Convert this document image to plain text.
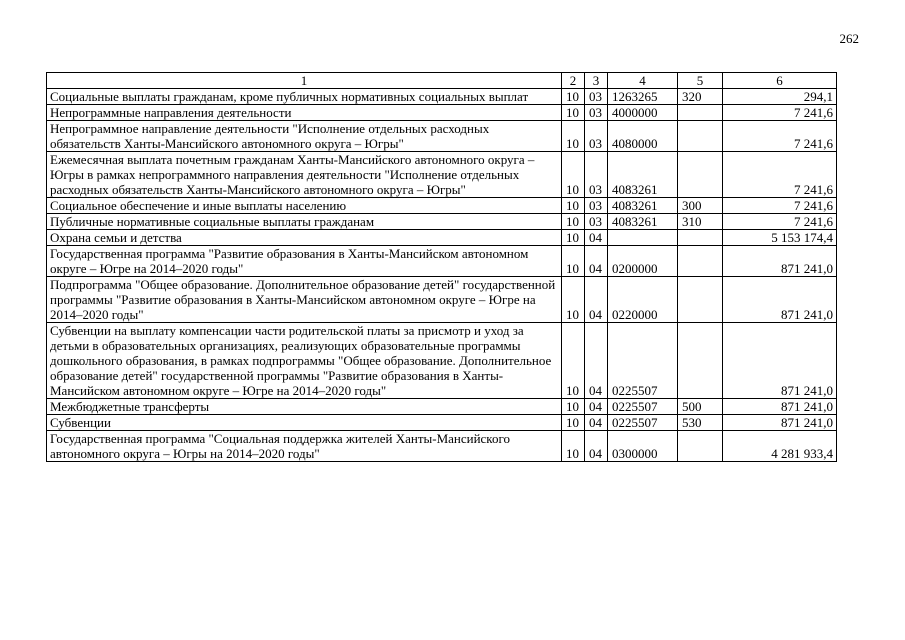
262
1	2	3	4	5	6
Социальные выплаты гражданам, кроме публичных нормативных социальных выплат	10	03	1263265	320	294,1
Непрограммные направления деятельности	10	03	4000000		7 241,6
Непрограммное направление деятельности "Исполнение отдельных расходных обязательств Ханты-Мансийского автономного округа – Югры"	10	03	4080000		7 241,6
Ежемесячная выплата почетным гражданам Ханты-Мансийского автономного округа – Югры в рамках непрограммного направления деятельности "Исполнение отдельных расходных обязательств Ханты-Мансийского автономного округа – Югры"	10	03	4083261		7 241,6
Социальное обеспечение и иные выплаты населению	10	03	4083261	300	7 241,6
Публичные нормативные социальные выплаты гражданам	10	03	4083261	310	7 241,6
Охрана семьи и детства	10	04			5 153 174,4
Государственная программа "Развитие образования в Ханты-Мансийском автономном округе – Югре на 2014–2020 годы"	10	04	0200000		871 241,0
Подпрограмма "Общее образование. Дополнительное образование детей" государственной программы "Развитие образования в Ханты-Мансийском автономном округе – Югре на 2014–2020 годы"	10	04	0220000		871 241,0
Субвенции на выплату компенсации части родительской платы за присмотр и уход за детьми в образовательных организациях, реализующих образовательные программы дошкольного образования, в рамках подпрограммы "Общее образование. Дополнительное образование детей" государственной программы "Развитие образования в Ханты-Мансийском автономном округе – Югре на 2014–2020 годы"	10	04	0225507		871 241,0
Межбюджетные трансферты	10	04	0225507	500	871 241,0
Субвенции	10	04	0225507	530	871 241,0
Государственная программа "Социальная поддержка жителей Ханты-Мансийского автономного округа – Югры на 2014–2020 годы"	10	04	0300000		4 281 933,4
